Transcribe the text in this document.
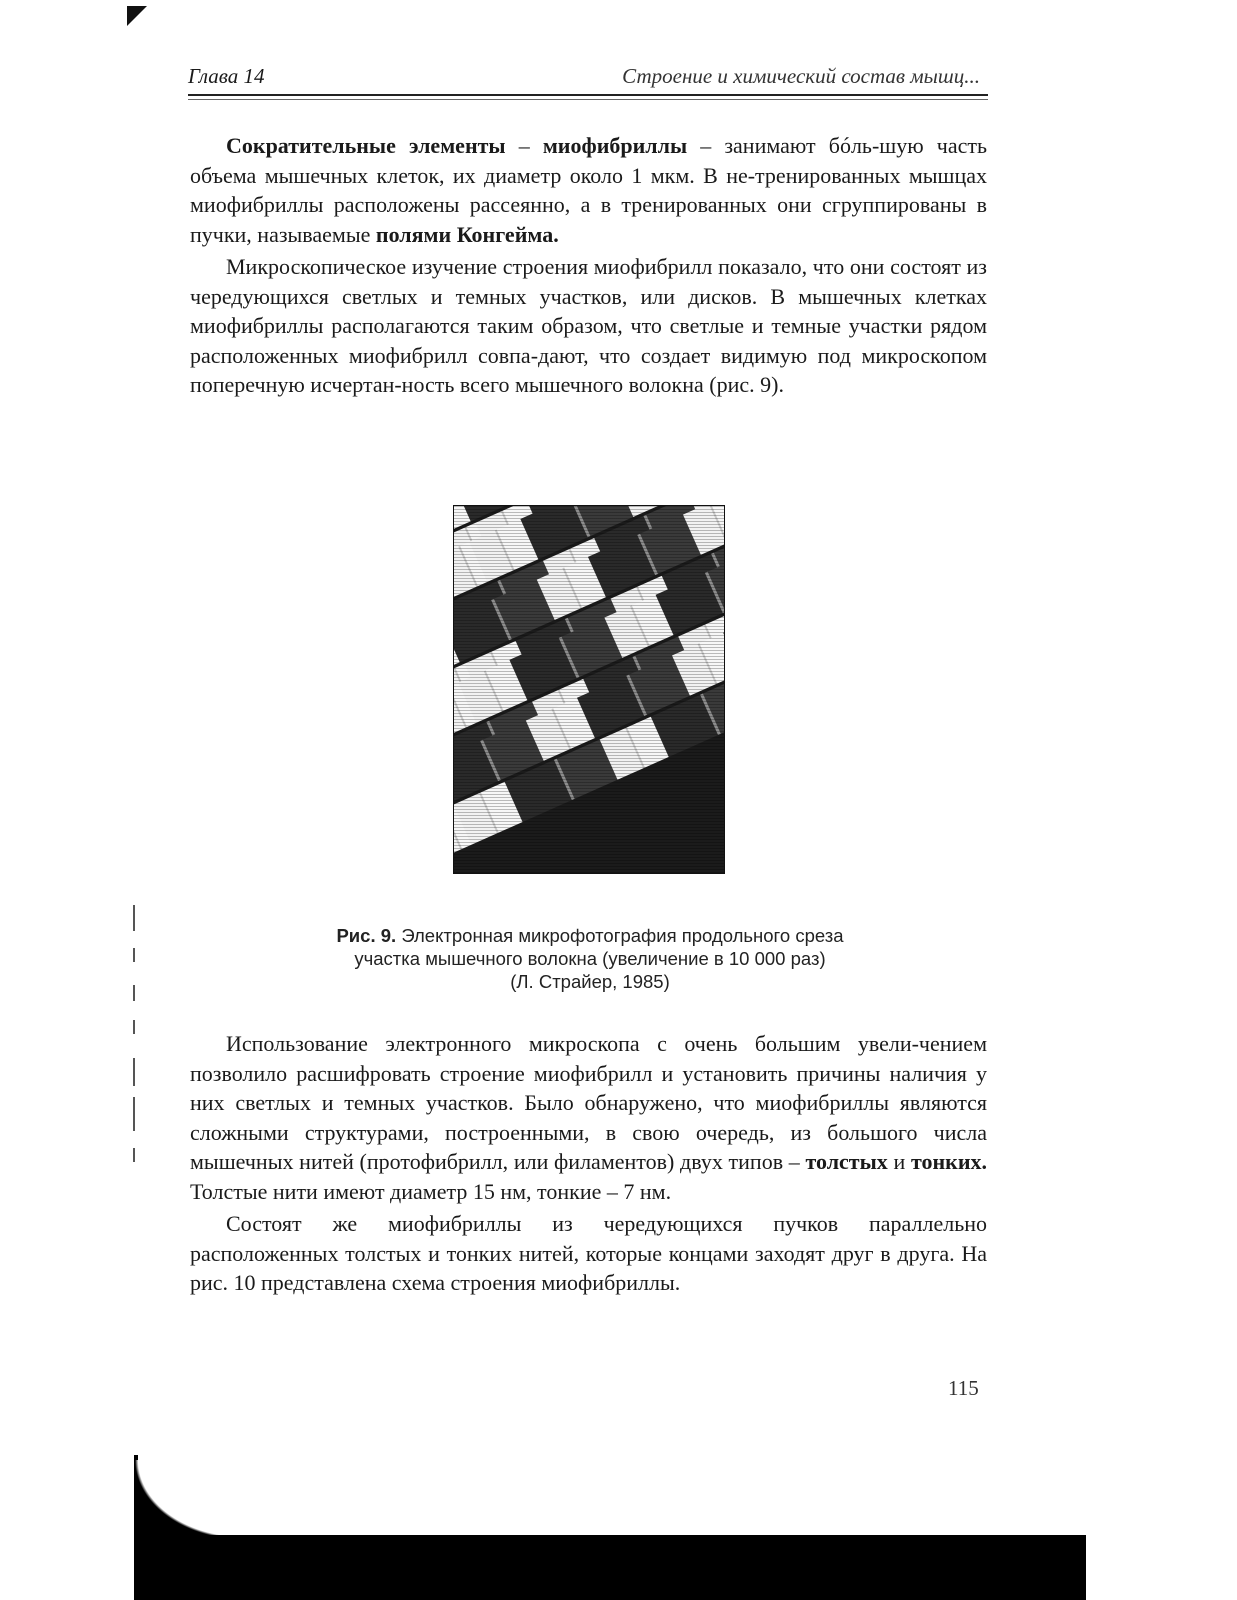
Глава 14	Строение и химический состав мышц...

Сократительные элементы – миофибриллы – занимают бóль-шую часть объема мышечных клеток, их диаметр около 1 мкм. В не-тренированных мышцах миофибриллы расположены рассеянно, а в тренированных они сгруппированы в пучки, называемые полями Конгейма.

Микроскопическое изучение строения миофибрилл показало, что они состоят из чередующихся светлых и темных участков, или дисков. В мышечных клетках миофибриллы располагаются таким образом, что светлые и темные участки рядом расположенных миофибрилл совпа-дают, что создает видимую под микроскопом поперечную исчертан-ность всего мышечного волокна (рис. 9).

Рис. 9. Электронная микрофотография продольного среза
участка мышечного волокна (увеличение в 10 000 раз)
(Л. Страйер, 1985)

Использование электронного микроскопа с очень большим увели-чением позволило расшифровать строение миофибрилл и установить причины наличия у них светлых и темных участков. Было обнаружено, что миофибриллы являются сложными структурами, построенными, в свою очередь, из большого числа мышечных нитей (протофибрилл, или филаментов) двух типов – толстых и тонких. Толстые нити имеют диаметр 15 нм, тонкие – 7 нм.

Состоят же миофибриллы из чередующихся пучков параллельно расположенных толстых и тонких нитей, которые концами заходят друг в друга. На рис. 10 представлена схема строения миофибриллы.

115
